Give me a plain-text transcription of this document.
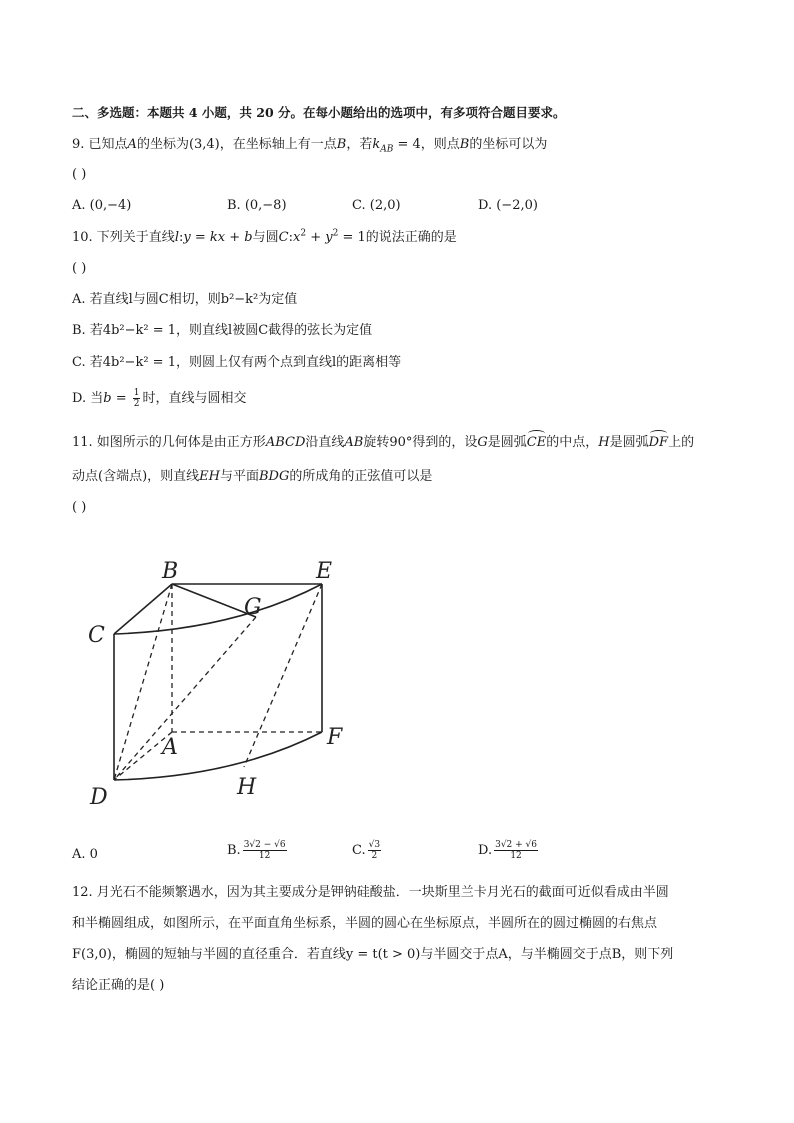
二、多选题：本题共 4 小题，共 20 分。在每小题给出的选项中，有多项符合题目要求。
9. 已知点A的坐标为(3,4)，在坐标轴上有一点B，若$k_{AB} = 4$，则点B的坐标可以为
( )
A. (0,−4)	B. (0,−8)	C. (2,0)	D. (−2,0)
10. 下列关于直线l:y = kx + b与圆$C:x^2 + y^2 = 1$的说法正确的是
( )
A. 若直线l与圆C相切，则b²−k²为定值
B. 若4b²−k² = 1，则直线l被圆C截得的弦长为定值
C. 若4b²−k² = 1，则圆上仅有两个点到直线l的距离相等
D. 当$b = \frac{1}{2}$ 时，直线与圆相交
11. 如图所示的几何体是由正方形ABCD沿直线AB旋转90°得到的，设G是圆弧CE的中点，H是圆弧DF上的
动点(含端点)，则直线EH与平面BDG的所成角的正弦值可以是
( )
B	E
G
C
A	F
D	H
A. 0	B. $\frac{3√2 - √6}{12}$	C. $\frac{√3}{2}$	D. $\frac{3√2 + √6}{12}$
12. 月光石不能频繁遇水，因为其主要成分是钾钠硅酸盐．一块斯里兰卡月光石的截面可近似看成由半圆
和半椭圆组成，如图所示，在平面直角坐标系，半圆的圆心在坐标原点，半圆所在的圆过椭圆的右焦点
F(3,0)，椭圆的短轴与半圆的直径重合．若直线y = t(t > 0)与半圆交于点A，与半椭圆交于点B，则下列
结论正确的是( )
